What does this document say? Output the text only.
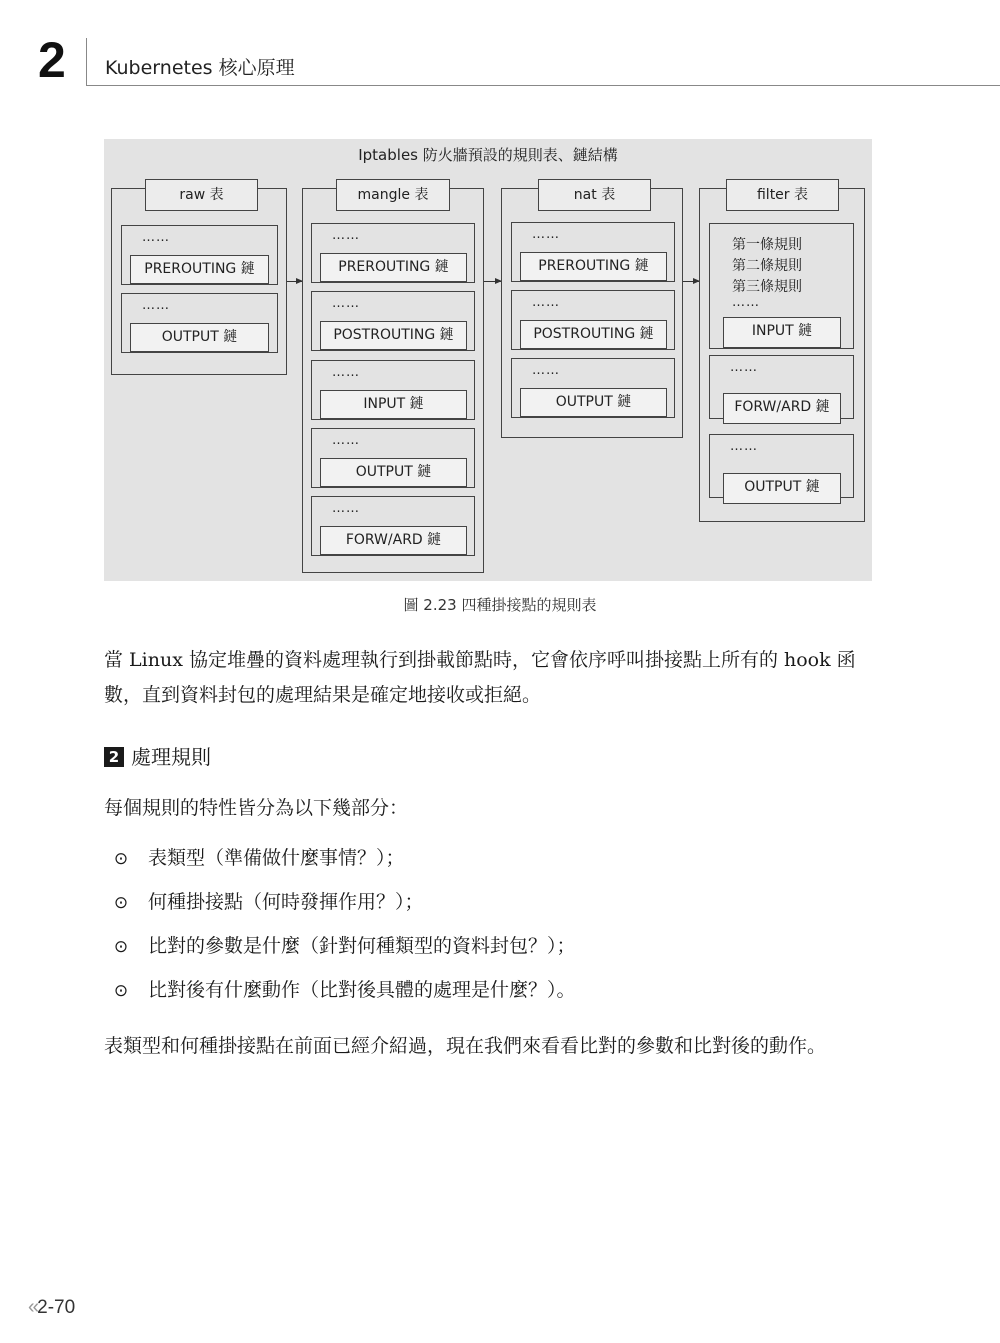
2 Kubernetes 核心原理
Iptables 防火牆預設的規則表、鏈結構
raw 表
……
PREROUTING 鏈
……
OUTPUT 鏈
mangle 表
……
PREROUTING 鏈
……
POSTROUTING 鏈
……
INPUT 鏈
……
OUTPUT 鏈
……
FORW/ARD 鏈
nat 表
……
PREROUTING 鏈
……
POSTROUTING 鏈
……
OUTPUT 鏈
filter 表
第一條規則
第二條規則
第三條規則
……
INPUT 鏈
……
FORW/ARD 鏈
……
OUTPUT 鏈
圖 2.23 四種掛接點的規則表
當 Linux 協定堆疊的資料處理執行到掛載節點時，它會依序呼叫掛接點上所有的 hook 函數，直到資料封包的處理結果是確定地接收或拒絕。
2 處理規則
每個規則的特性皆分為以下幾部分：
⊙ 表類型（準備做什麼事情？）；
⊙ 何種掛接點（何時發揮作用？）；
⊙ 比對的參數是什麼（針對何種類型的資料封包？）；
⊙ 比對後有什麼動作（比對後具體的處理是什麼？）。
表類型和何種掛接點在前面已經介紹過，現在我們來看看比對的參數和比對後的動作。
« 2-70
